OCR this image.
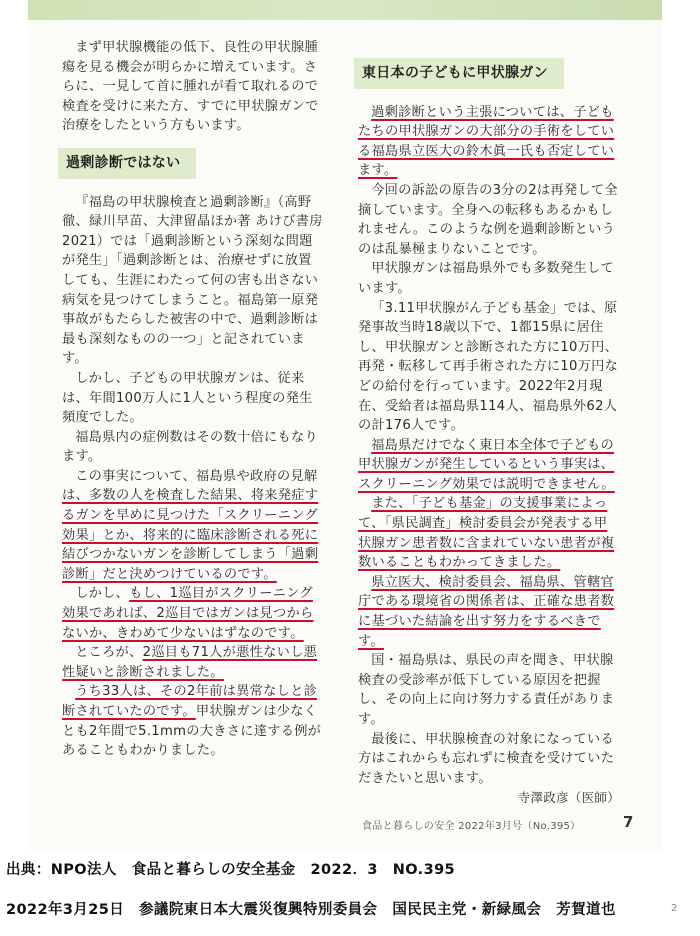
まず甲状腺機能の低下、良性の甲状腺腫瘍を見る機会が明らかに増えています。さらに、一見して首に腫れが看て取れるので検査を受けに来た方、すでに甲状腺ガンで治療をしたという方もいます。

過剰診断ではない

『福島の甲状腺検査と過剰診断』（高野徹、緑川早苗、大津留晶ほか著 あけび書房 2021）では「過剰診断という深刻な問題が発生」「過剰診断とは、治療せずに放置しても、生涯にわたって何の害も出さない病気を見つけてしまうこと。福島第一原発事故がもたらした被害の中で、過剰診断は最も深刻なものの一つ」と記されています。

しかし、子どもの甲状腺ガンは、従来は、年間100万人に1人という程度の発生頻度でした。

福島県内の症例数はその数十倍にもなります。

この事実について、福島県や政府の見解は、多数の人を検査した結果、将来発症するガンを早めに見つけた「スクリーニング効果」とか、将来的に臨床診断される死に結びつかないガンを診断してしまう「過剰診断」だと決めつけているのです。

しかし、もし、1巡目がスクリーニング効果であれば、2巡目ではガンは見つからないか、きわめて少ないはずなのです。

ところが、2巡目も71人が悪性ないし悪性疑いと診断されました。

うち33人は、その2年前は異常なしと診断されていたのです。甲状腺ガンは少なくとも2年間で5.1mmの大きさに達する例があることもわかりました。

東日本の子どもに甲状腺ガン

過剰診断という主張については、子どもたちの甲状腺ガンの大部分の手術をしている福島県立医大の鈴木眞一氏も否定しています。

今回の訴訟の原告の3分の2は再発して全摘しています。全身への転移もあるかもしれません。このような例を過剰診断というのは乱暴極まりないことです。

甲状腺ガンは福島県外でも多数発生しています。

「3.11甲状腺がん子ども基金」では、原発事故当時18歳以下で、1都15県に居住し、甲状腺ガンと診断された方に10万円、再発・転移して再手術された方に10万円などの給付を行っています。2022年2月現在、受給者は福島県114人、福島県外62人の計176人です。

福島県だけでなく東日本全体で子どもの甲状腺ガンが発生しているという事実は、スクリーニング効果では説明できません。

また、「子ども基金」の支援事業によって、「県民調査」検討委員会が発表する甲状腺ガン患者数に含まれていない患者が複数いることもわかってきました。

県立医大、検討委員会、福島県、管轄官庁である環境省の関係者は、正確な患者数に基づいた結論を出す努力をするべきです。

国・福島県は、県民の声を聞き、甲状腺検査の受診率が低下している原因を把握し、その向上に向け努力する責任があります。

最後に、甲状腺検査の対象になっている方はこれからも忘れずに検査を受けていただきたいと思います。

寺澤政彦（医師）

食品と暮らしの安全 2022年3月号（No.395）	7
出典：NPO法人　食品と暮らしの安全基金　2022．3　NO.395
2022年3月25日　参議院東日本大震災復興特別委員会　国民民主党・新緑風会　芳賀道也	2
